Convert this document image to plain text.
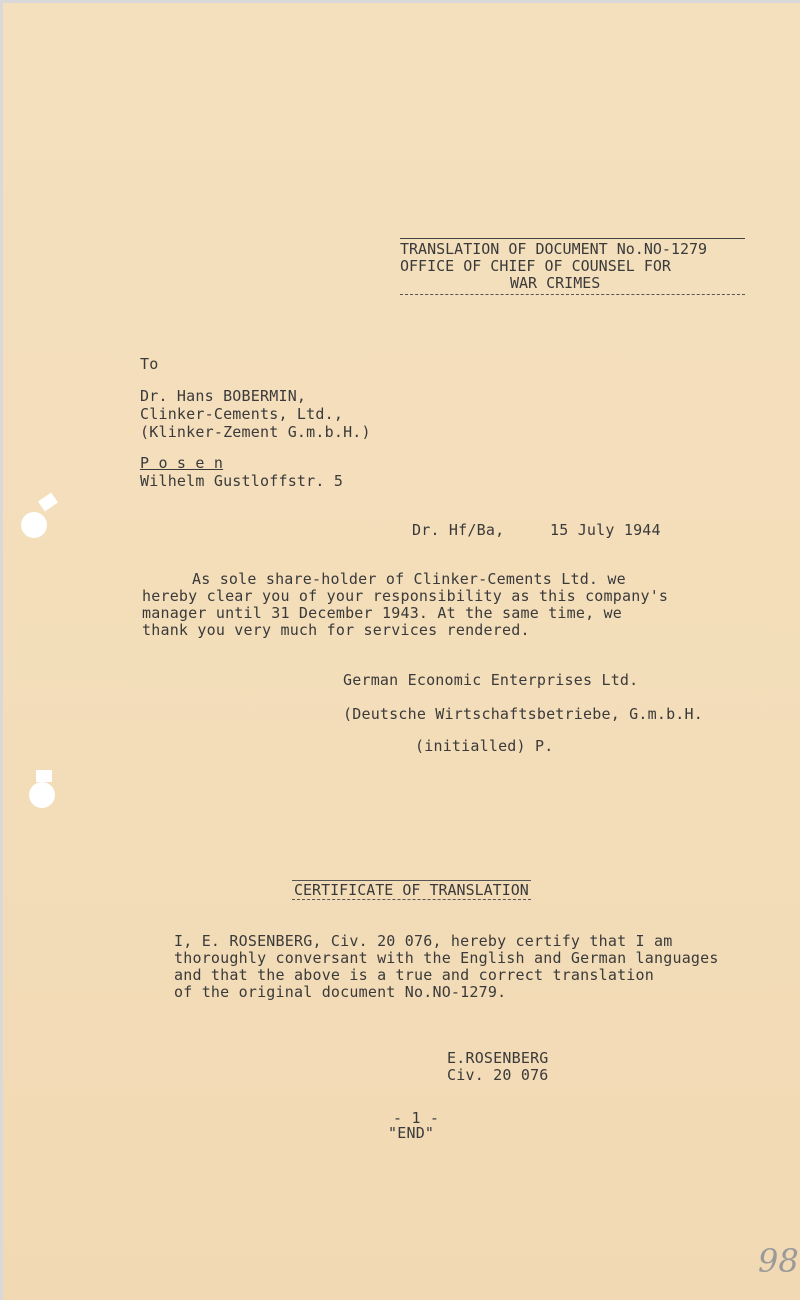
TRANSLATION OF DOCUMENT No.NO-1279
OFFICE OF CHIEF OF COUNSEL FOR
WAR CRIMES
To
Dr. Hans BOBERMIN,
Clinker-Cements, Ltd.,
(Klinker-Zement G.m.b.H.)
P o s e n
Wilhelm Gustloffstr. 5
Dr. Hf/Ba,	15 July 1944
As sole share-holder of Clinker-Cements Ltd. we
hereby clear you of your responsibility as this company's
manager until 31 December 1943. At the same time, we
thank you very much for services rendered.
German Economic Enterprises Ltd.
(Deutsche Wirtschaftsbetriebe, G.m.b.H.
(initialled) P.
CERTIFICATE OF TRANSLATION
I, E. ROSENBERG, Civ. 20 076, hereby certify that I am
thoroughly conversant with the English and German languages
and that the above is a true and correct translation
of the original document No.NO-1279.
E.ROSENBERG
Civ. 20 076
- 1 -
"END"
98
